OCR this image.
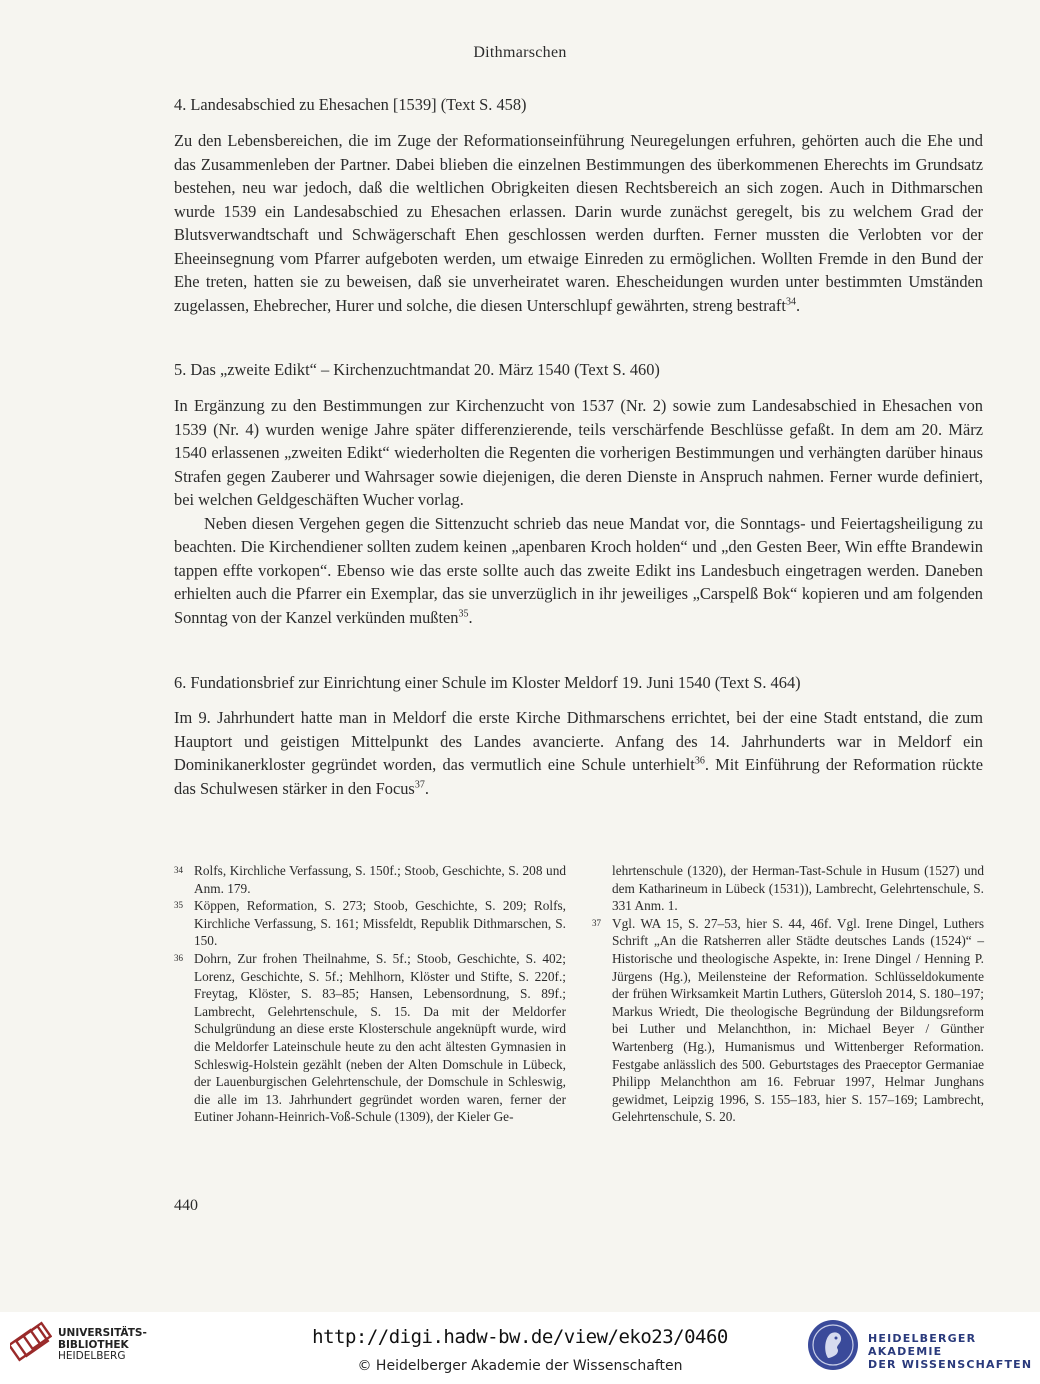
Dithmarschen
4. Landesabschied zu Ehesachen [1539] (Text S. 458)
Zu den Lebensbereichen, die im Zuge der Reformationseinführung Neuregelungen erfuhren, gehörten auch die Ehe und das Zusammenleben der Partner. Dabei blieben die einzelnen Bestimmungen des überkommenen Eherechts im Grundsatz bestehen, neu war jedoch, daß die weltlichen Obrigkeiten diesen Rechtsbereich an sich zogen. Auch in Dithmarschen wurde 1539 ein Landesabschied zu Ehesachen erlassen. Darin wurde zunächst geregelt, bis zu welchem Grad der Blutsverwandtschaft und Schwägerschaft Ehen geschlossen werden durften. Ferner mussten die Verlobten vor der Eheeinsegnung vom Pfarrer aufgeboten werden, um etwaige Einreden zu ermöglichen. Wollten Fremde in den Bund der Ehe treten, hatten sie zu beweisen, daß sie unverheiratet waren. Ehescheidungen wurden unter bestimmten Umständen zugelassen, Ehebrecher, Hurer und solche, die diesen Unterschlupf gewährten, streng bestraft$^{34}$.
5. Das „zweite Edikt“ – Kirchenzuchtmandat 20. März 1540 (Text S. 460)
In Ergänzung zu den Bestimmungen zur Kirchenzucht von 1537 (Nr. 2) sowie zum Landesabschied in Ehesachen von 1539 (Nr. 4) wurden wenige Jahre später differenzierende, teils verschärfende Beschlüsse gefaßt. In dem am 20. März 1540 erlassenen „zweiten Edikt“ wiederholten die Regenten die vorherigen Bestimmungen und verhängten darüber hinaus Strafen gegen Zauberer und Wahrsager sowie diejenigen, die deren Dienste in Anspruch nahmen. Ferner wurde definiert, bei welchen Geldgeschäften Wucher vorlag.
Neben diesen Vergehen gegen die Sittenzucht schrieb das neue Mandat vor, die Sonntags- und Feiertagsheiligung zu beachten. Die Kirchendiener sollten zudem keinen „apenbaren Kroch holden“ und „den Gesten Beer, Win effte Brandewin tappen effte vorkopen“. Ebenso wie das erste sollte auch das zweite Edikt ins Landesbuch eingetragen werden. Daneben erhielten auch die Pfarrer ein Exemplar, das sie unverzüglich in ihr jeweiliges „Carspelß Bok“ kopieren und am folgenden Sonntag von der Kanzel verkünden mußten$^{35}$.
6. Fundationsbrief zur Einrichtung einer Schule im Kloster Meldorf 19. Juni 1540 (Text S. 464)
Im 9. Jahrhundert hatte man in Meldorf die erste Kirche Dithmarschens errichtet, bei der eine Stadt entstand, die zum Hauptort und geistigen Mittelpunkt des Landes avancierte. Anfang des 14. Jahrhunderts war in Meldorf ein Dominikanerkloster gegründet worden, das vermutlich eine Schule unterhielt$^{36}$. Mit Einführung der Reformation rückte das Schulwesen stärker in den Focus$^{37}$.

34 Rolfs, Kirchliche Verfassung, S. 150f.; Stoob, Geschichte, S. 208 und Anm. 179.

35 Köppen, Reformation, S. 273; Stoob, Geschichte, S. 209; Rolfs, Kirchliche Verfassung, S. 161; Missfeldt, Republik Dithmarschen, S. 150.

36 Dohrn, Zur frohen Theilnahme, S. 5f.; Stoob, Geschichte, S. 402; Lorenz, Geschichte, S. 5f.; Mehlhorn, Klöster und Stifte, S. 220f.; Freytag, Klöster, S. 83–85; Hansen, Lebensordnung, S. 89f.; Lambrecht, Gelehrtenschule, S. 15. Da mit der Meldorfer Schulgründung an diese erste Klosterschule angeknüpft wurde, wird die Meldorfer Lateinschule heute zu den acht ältesten Gymnasien in Schleswig-Holstein gezählt (neben der Alten Domschule in Lübeck, der Lauenburgischen Gelehrtenschule, der Domschule in Schleswig, die alle im 13. Jahrhundert gegründet worden waren, ferner der Eutiner Johann-Heinrich-Voß-Schule (1309), der Kieler Ge-

lehrtenschule (1320), der Herman-Tast-Schule in Husum (1527) und dem Katharineum in Lübeck (1531)), Lambrecht, Gelehrtenschule, S. 331 Anm. 1.

37 Vgl. WA 15, S. 27–53, hier S. 44, 46f. Vgl. Irene Dingel, Luthers Schrift „An die Ratsherren aller Städte deutsches Lands (1524)“ – Historische und theologische Aspekte, in: Irene Dingel / Henning P. Jürgens (Hg.), Meilensteine der Reformation. Schlüsseldokumente der frühen Wirksamkeit Martin Luthers, Gütersloh 2014, S. 180–197; Markus Wriedt, Die theologische Begründung der Bildungsreform bei Luther und Melanchthon, in: Michael Beyer / Günther Wartenberg (Hg.), Humanismus und Wittenberger Reformation. Festgabe anlässlich des 500. Geburtstages des Praeceptor Germaniae Philipp Melanchthon am 16. Februar 1997, Helmar Junghans gewidmet, Leipzig 1996, S. 155–183, hier S. 157–169; Lambrecht, Gelehrtenschule, S. 20.

440
UNIVERSITÄTS-
BIBLIOTHEK
HEIDELBERG
http://digi.hadw-bw.de/view/eko23/0460
© Heidelberger Akademie der Wissenschaften
HEIDELBERGER AKADEMIE
DER WISSENSCHAFTEN
